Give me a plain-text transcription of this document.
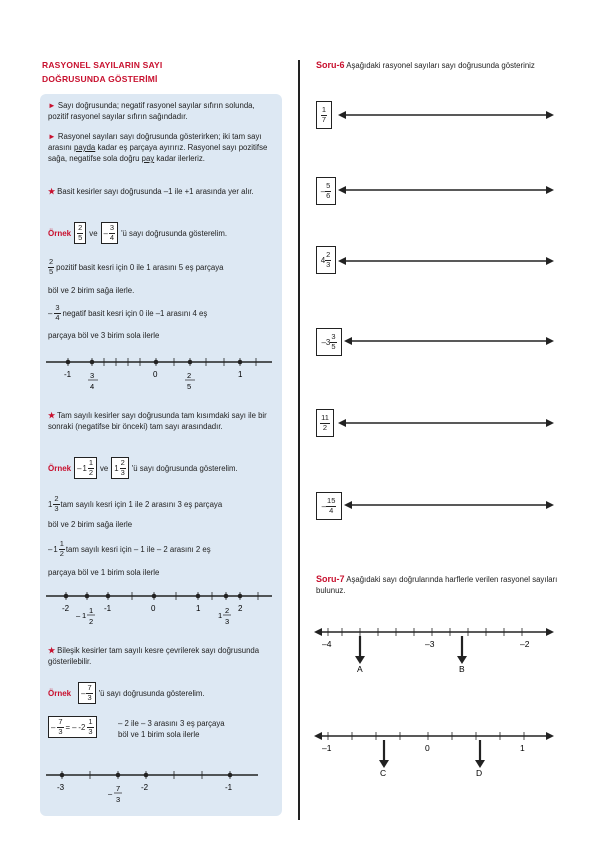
RASYONEL SAYILARIN SAYI
DOĞRUSUNDA GÖSTERİMİ
► Sayı doğrusunda; negatif rasyonel sayılar sıfırın solunda, pozitif rasyonel sayılar sıfırın sağındadır.
► Rasyonel sayıları sayı doğrusunda gösterirken; iki tam sayı arasını payda kadar eş parçaya ayırırız. Rasyonel sayı pozitifse sağa, negatifse sola doğru pay kadar ilerleriz.
★ Basit kesirler sayı doğrusunda –1 ile +1 arasında yer alır.
Örnek $\frac{2}{5}$ ve – $\frac{3}{4}$ 'ü sayı doğrusunda gösterelim.
$\frac{2}{5}$ pozitif basit kesri için 0 ile 1 arasını 5 eş parçaya
böl ve 2 birim sağa ilerle.
– $\frac{3}{4}$ negatif basit kesri için 0 ile –1 arasını 4 eş
parçaya böl ve 3 birim sola ilerle
-1	0	1
3
4
2
5
★ Tam sayılı kesirler sayı doğrusunda tam kısımdaki sayı ile bir sonraki (negatifse bir önceki) tam sayı arasındadır.
Örnek – $1 \frac{1}{2}$ ve $1 \frac{2}{3}$ 'ü sayı doğrusunda gösterelim.
$1 \frac{2}{3}$ tam sayılı kesri için 1 ile 2 arasını 3 eş parçaya
böl ve 2 birim sağa ilerle
– $1 \frac{1}{2}$ tam sayılı kesri için – 1 ile – 2 arasını 2 eş
parçaya böl ve 1 birim sola ilerle
-2	-1	0	1	2
– 1
1
2
1
2
3
★ Bileşik kesirler tam sayılı kesre çevrilerek sayı doğrusunda gösterilebilir.
Örnek – $\frac{7}{3}$ 'ü sayı doğrusunda gösterelim.
– $\frac{7}{3}$ = – $-2 \frac{1}{3}$	– 2 ile – 3 arasını 3 eş parçaya
böl ve 1 birim sola ilerle
-3	-2	-1
–
7
3
Soru-6 Aşağıdaki rasyonel sayıları sayı doğrusunda gösteriniz
$\frac{1}{7}$
– $\frac{5}{6}$
$4 \frac{2}{3}$
– $3 \frac{3}{5}$
$\frac{11}{2}$
– $\frac{15}{4}$
Soru-7 Aşağıdaki sayı doğrularında harflerle verilen rasyonel sayıları bulunuz.
–4	–3	–2
A	B
–1	0	1
C	D
